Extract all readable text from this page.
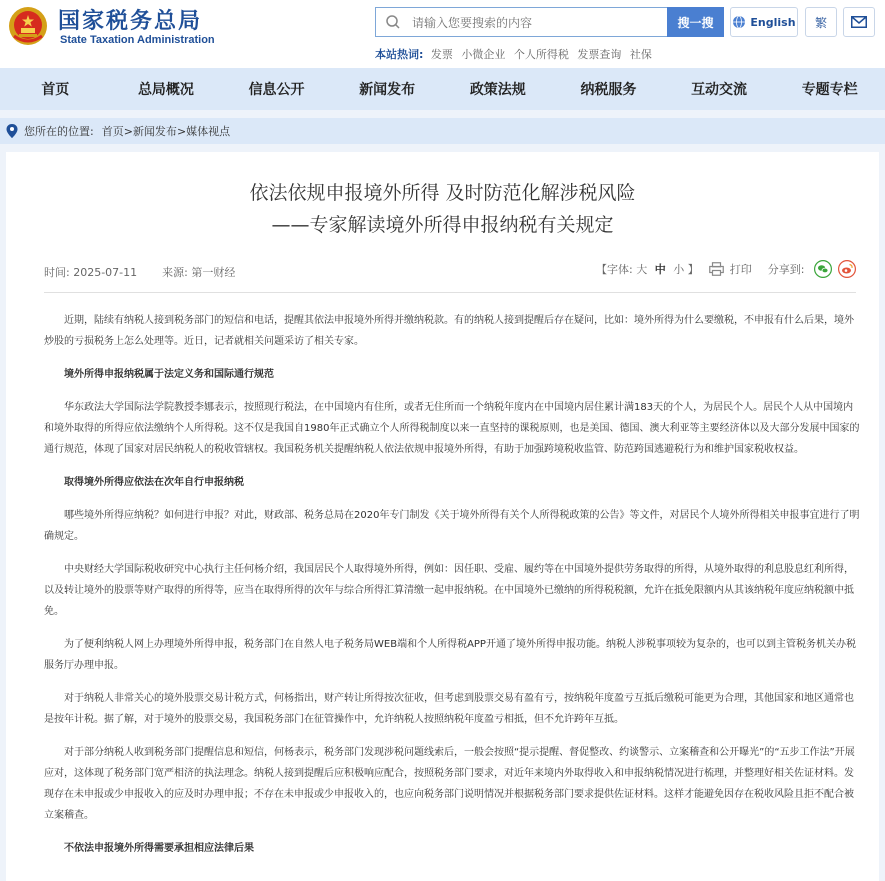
国家税务总局
State Taxation Administration
请输入您要搜索的内容
搜一搜	English	繁
本站热词: 发票 小微企业 个人所得税 发票查询 社保
首页	总局概况	信息公开	新闻发布	政策法规	纳税服务	互动交流	专题专栏
您所在的位置: 首页 > 新闻发布 > 媒体视点
依法依规申报境外所得 及时防范化解涉税风险
——专家解读境外所得申报纳税有关规定
时间: 2025-07-11 来源: 第一财经	【字体: 大 中 小 】	打印 分享到:

近期，陆续有纳税人接到税务部门的短信和电话，提醒其依法申报境外所得并缴纳税款。有的纳税人接到提醒后存在疑问，比如：境外所得为什么要缴税，不申报有什么后果，境外炒股的亏损税务上怎么处理等。近日，记者就相关问题采访了相关专家。

境外所得申报纳税属于法定义务和国际通行规范

华东政法大学国际法学院教授李娜表示，按照现行税法，在中国境内有住所，或者无住所而一个纳税年度内在中国境内居住累计满183天的个人，为居民个人。居民个人从中国境内和境外取得的所得应依法缴纳个人所得税。这不仅是我国自1980年正式确立个人所得税制度以来一直坚持的课税原则，也是美国、德国、澳大利亚等主要经济体以及大部分发展中国家的通行规范，体现了国家对居民纳税人的税收管辖权。我国税务机关提醒纳税人依法依规申报境外所得，有助于加强跨境税收监管、防范跨国逃避税行为和维护国家税收权益。

取得境外所得应依法在次年自行申报纳税

哪些境外所得应纳税？如何进行申报？对此，财政部、税务总局在2020年专门制发《关于境外所得有关个人所得税政策的公告》等文件，对居民个人境外所得相关申报事宜进行了明确规定。

中央财经大学国际税收研究中心执行主任何杨介绍，我国居民个人取得境外所得，例如：因任职、受雇、履约等在中国境外提供劳务取得的所得，从境外取得的利息股息红利所得，以及转让境外的股票等财产取得的所得等，应当在取得所得的次年与综合所得汇算清缴一起申报纳税。在中国境外已缴纳的所得税税额，允许在抵免限额内从其该纳税年度应纳税额中抵免。

为了便利纳税人网上办理境外所得申报，税务部门在自然人电子税务局WEB端和个人所得税APP开通了境外所得申报功能。纳税人涉税事项较为复杂的，也可以到主管税务机关办税服务厅办理申报。

对于纳税人非常关心的境外股票交易计税方式，何杨指出，财产转让所得按次征收，但考虑到股票交易有盈有亏，按纳税年度盈亏互抵后缴税可能更为合理，其他国家和地区通常也是按年计税。据了解，对于境外的股票交易，我国税务部门在征管操作中，允许纳税人按照纳税年度盈亏相抵，但不允许跨年互抵。

对于部分纳税人收到税务部门提醒信息和短信，何杨表示，税务部门发现涉税问题线索后，一般会按照“提示提醒、督促整改、约谈警示、立案稽查和公开曝光”的“五步工作法”开展应对，这体现了税务部门宽严相济的执法理念。纳税人接到提醒后应积极响应配合，按照税务部门要求，对近年来境内外取得收入和申报纳税情况进行梳理，并整理好相关佐证材料。发现存在未申报或少申报收入的应及时办理申报；不存在未申报或少申报收入的，也应向税务部门说明情况并根据税务部门要求提供佐证材料。这样才能避免因存在税收风险且拒不配合被立案稽查。

不依法申报境外所得需要承担相应法律后果
